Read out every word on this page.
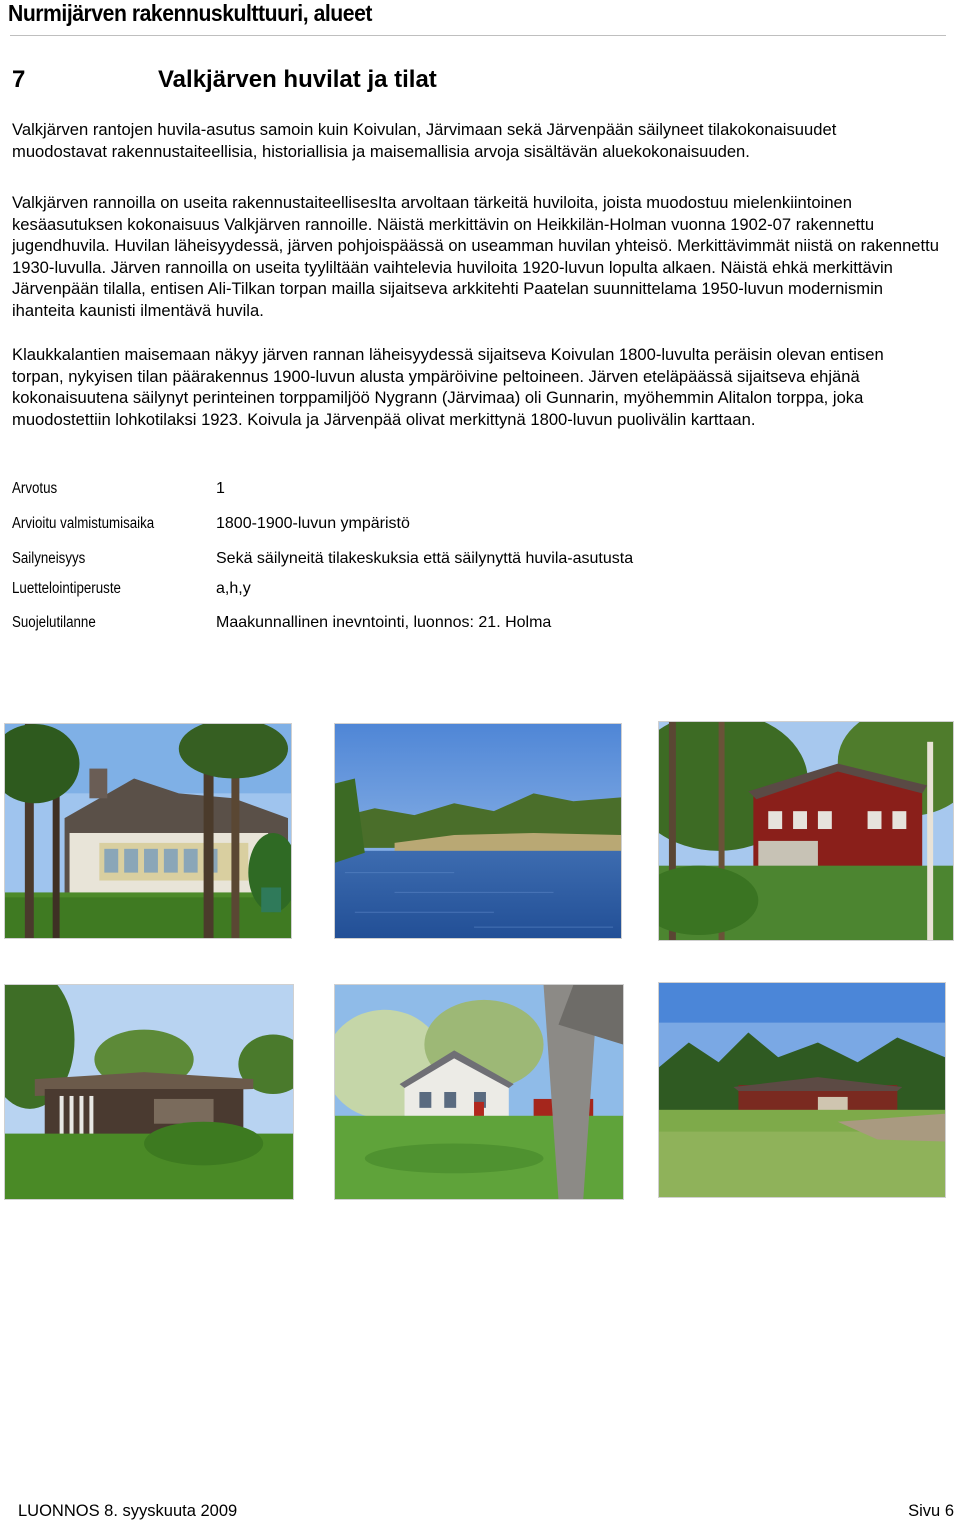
Nurmijärven rakennuskulttuuri, alueet
7	Valkjärven huvilat ja tilat

Valkjärven rantojen huvila-asutus samoin kuin Koivulan, Järvimaan sekä Järvenpään säilyneet tilakokonaisuudet muodostavat rakennustaiteellisia, historiallisia ja maisemallisia arvoja sisältävän aluekokonaisuuden.

Valkjärven rannoilla on useita rakennustaiteellisesIta arvoltaan tärkeitä huviloita, joista muodostuu mielenkiintoinen kesäasutuksen kokonaisuus Valkjärven rannoille. Näistä merkittävin on Heikkilän-Holman vuonna 1902-07 rakennettu jugendhuvila. Huvilan läheisyydessä, järven pohjoispäässä on useamman huvilan yhteisö. Merkittävimmät niistä on rakennettu 1930-luvulla. Järven rannoilla on useita tyyliltään vaihtelevia huviloita 1920-luvun lopulta alkaen. Näistä ehkä merkittävin Järvenpään tilalla, entisen Ali-Tilkan torpan mailla sijaitseva arkkitehti Paatelan suunnittelama 1950-luvun modernismin ihanteita kaunisti ilmentävä huvila.

Klaukkalantien maisemaan näkyy järven rannan läheisyydessä sijaitseva Koivulan 1800-luvulta peräisin olevan entisen torpan, nykyisen tilan päärakennus 1900-luvun alusta ympäröivine peltoineen. Järven eteläpäässä sijaitseva ehjänä kokonaisuutena säilynyt perinteinen torppamiljöö Nygrann (Järvimaa) oli Gunnarin, myöhemmin Alitalon torppa, joka muodostettiin lohkotilaksi 1923. Koivula ja Järvenpää olivat merkittynä 1800-luvun puolivälin karttaan.

Arvotus	1
Arvioitu valmistumisaika	1800-1900-luvun ympäristö
Sailyneisyys	Sekä säilyneitä tilakeskuksia että säilynyttä huvila-asutusta
Luettelointiperuste	a,h,y
Suojelutilanne	Maakunnallinen inevntointi, luonnos: 21. Holma
LUONNOS 8. syyskuuta 2009	Sivu 6
